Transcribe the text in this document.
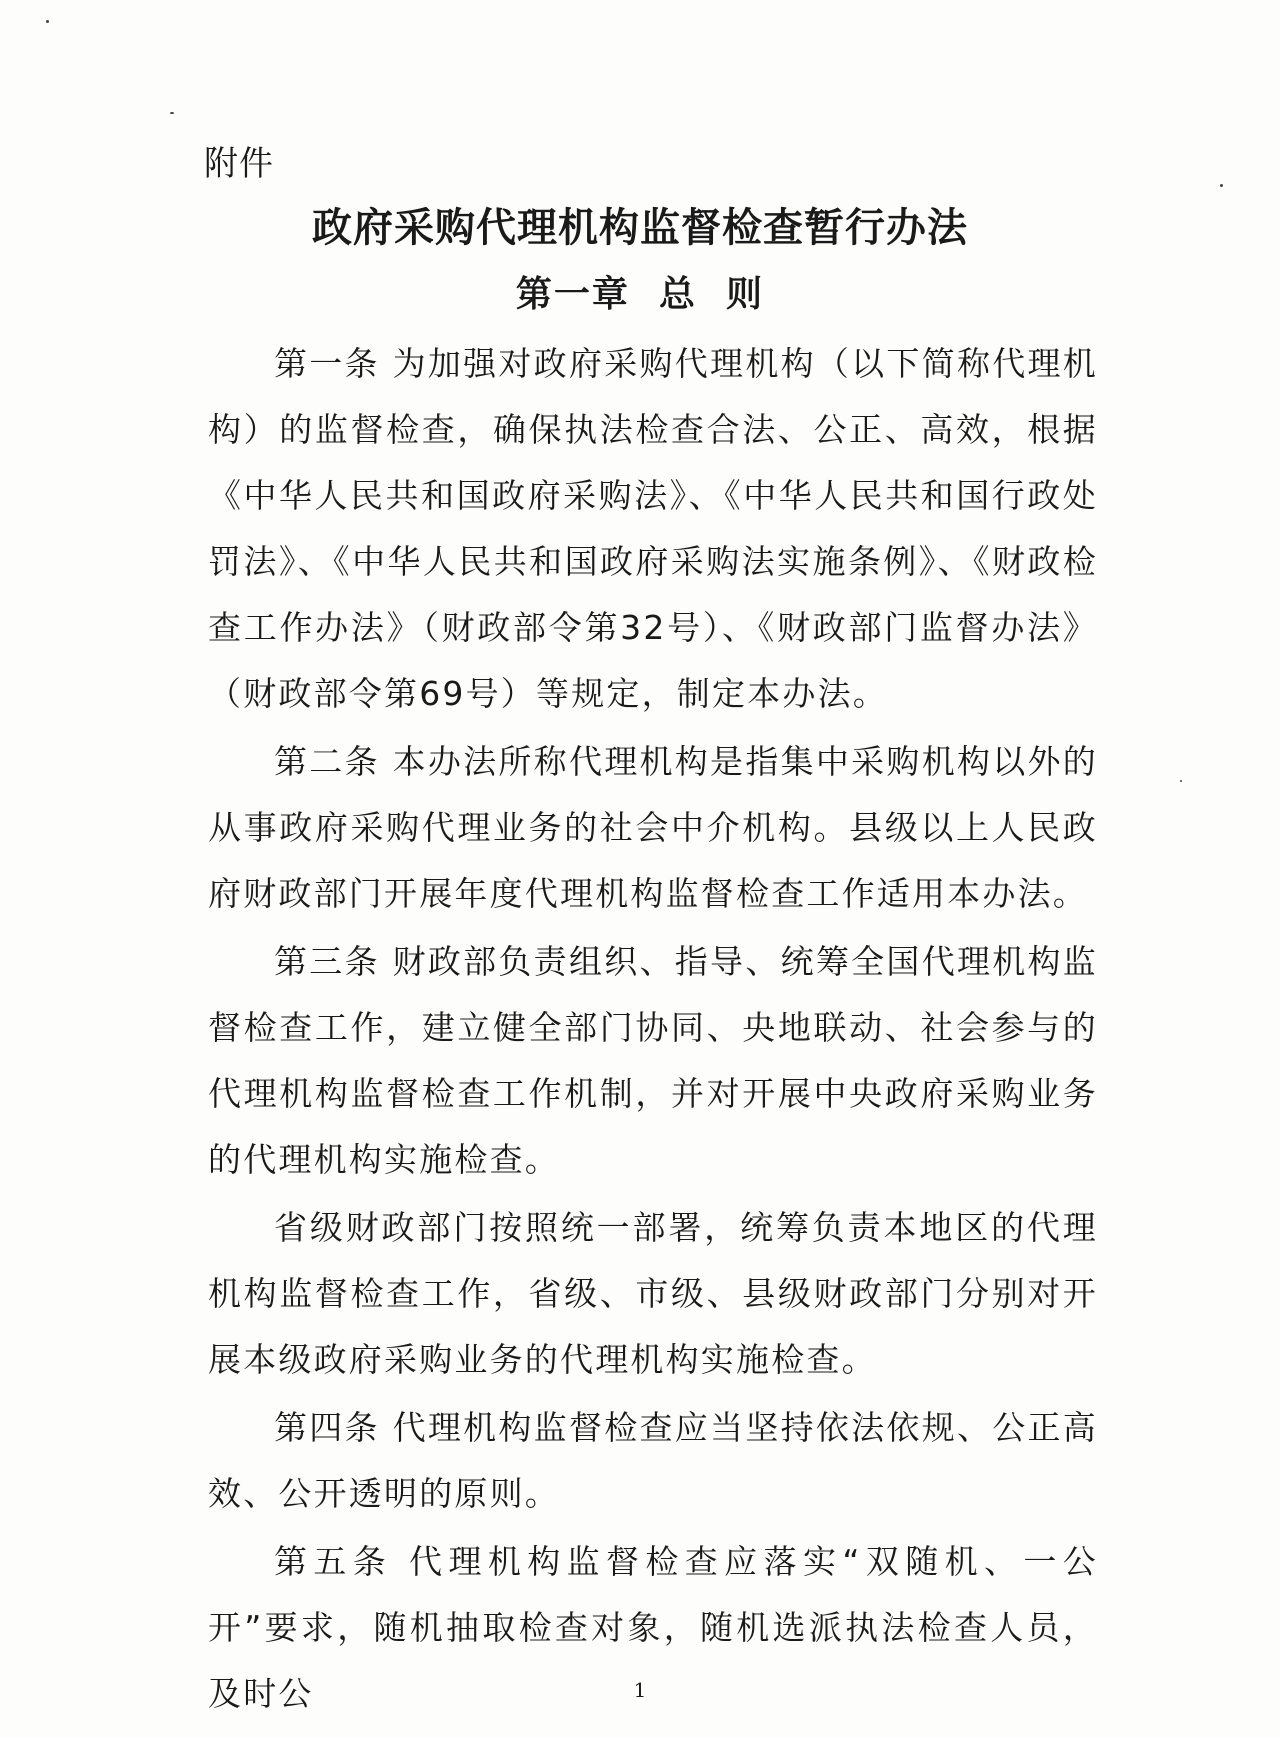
附件
政府采购代理机构监督检查暂行办法
第一章  总  则

第一条 为加强对政府采购代理机构（以下简称代理机构）的监督检查，确保执法检查合法、公正、高效，根据《中华人民共和国政府采购法》、《中华人民共和国行政处罚法》、《中华人民共和国政府采购法实施条例》、《财政检查工作办法》（财政部令第32号）、《财政部门监督办法》（财政部令第69号）等规定，制定本办法。

第二条 本办法所称代理机构是指集中采购机构以外的从事政府采购代理业务的社会中介机构。县级以上人民政府财政部门开展年度代理机构监督检查工作适用本办法。

第三条 财政部负责组织、指导、统筹全国代理机构监督检查工作，建立健全部门协同、央地联动、社会参与的代理机构监督检查工作机制，并对开展中央政府采购业务的代理机构实施检查。

省级财政部门按照统一部署，统筹负责本地区的代理机构监督检查工作，省级、市级、县级财政部门分别对开展本级政府采购业务的代理机构实施检查。

第四条 代理机构监督检查应当坚持依法依规、公正高效、公开透明的原则。

第五条 代理机构监督检查应落实“双随机、一公开”要求，随机抽取检查对象，随机选派执法检查人员，及时公	1
